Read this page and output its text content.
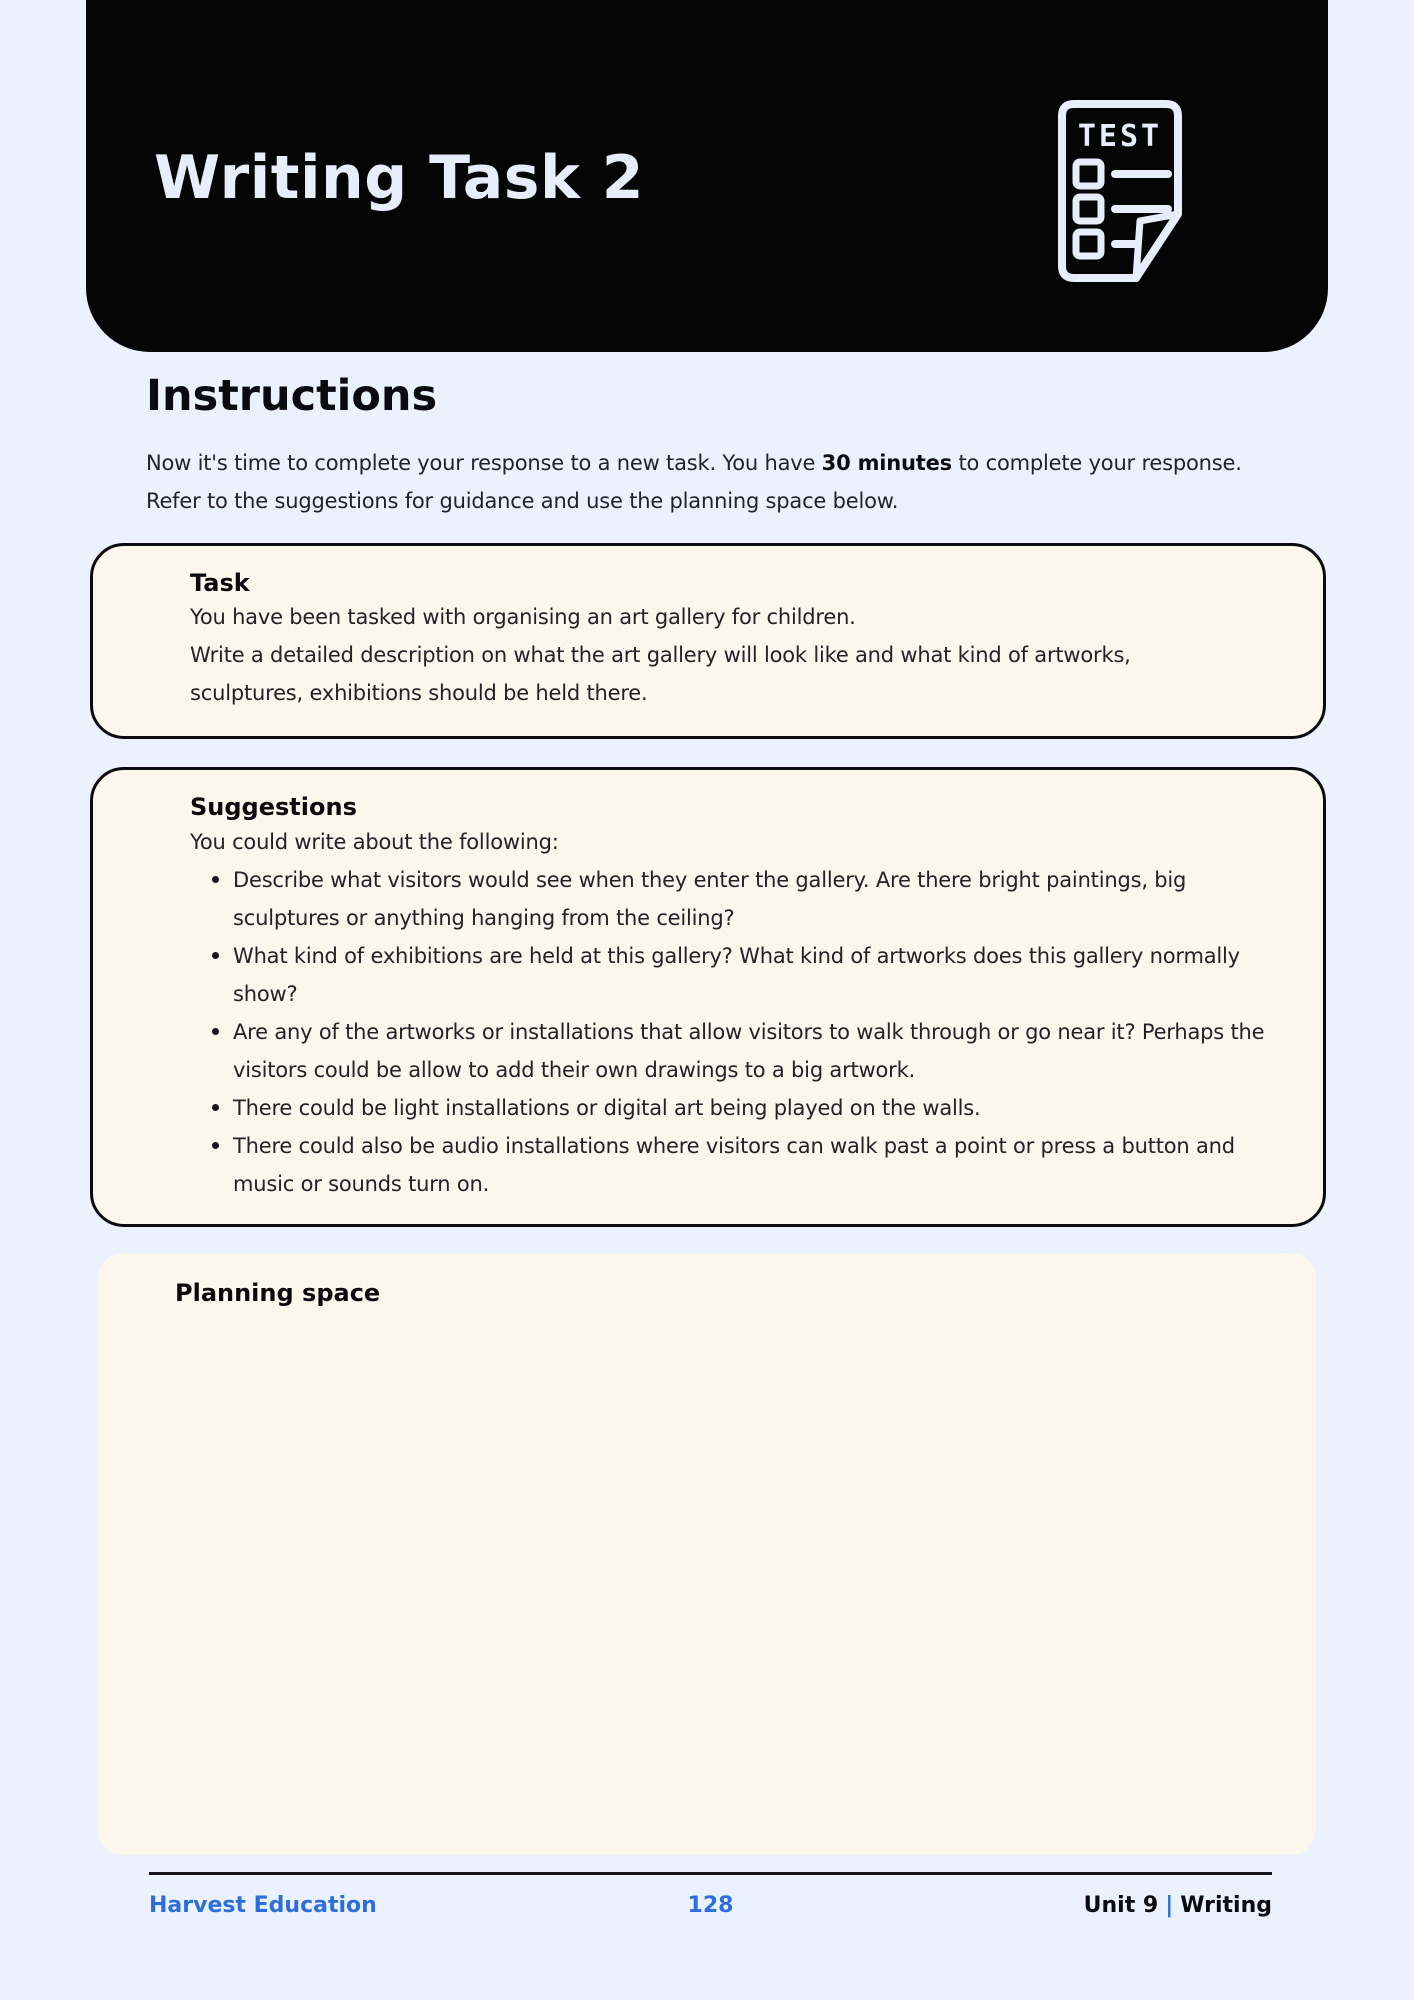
Writing Task 2
TEST
Instructions

Now it's time to complete your response to a new task. You have 30 minutes to complete your response.
Refer to the suggestions for guidance and use the planning space below.

Task

You have been tasked with organising an art gallery for children.

Write a detailed description on what the art gallery will look like and what kind of artworks, sculptures, exhibitions should be held there.

Suggestions

You could write about the following:

Describe what visitors would see when they enter the gallery. Are there bright paintings, big sculptures or anything hanging from the ceiling?
What kind of exhibitions are held at this gallery? What kind of artworks does this gallery normally show?
Are any of the artworks or installations that allow visitors to walk through or go near it? Perhaps the visitors could be allow to add their own drawings to a big artwork.
There could be light installations or digital art being played on the walls.
There could also be audio installations where visitors can walk past a point or press a button and music or sounds turn on.
Planning space
Harvest Education	128	Unit 9 | Writing
